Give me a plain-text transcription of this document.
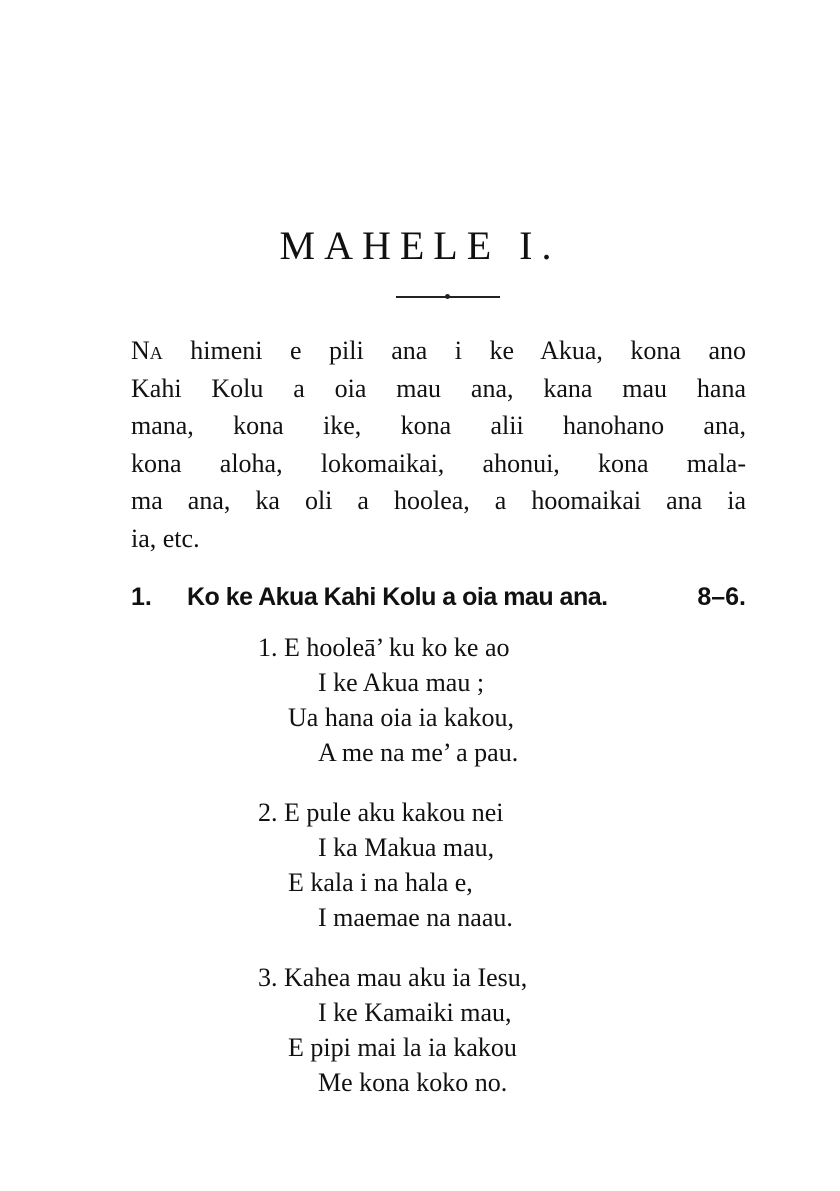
MAHELE I.
Na himeni e pili ana i ke Akua, kona ano
Kahi Kolu a oia mau ana, kana mau hana
mana, kona ike, kona alii hanohano ana,
kona aloha, lokomaikai, ahonui, kona mala-
ma ana, ka oli a hoolea, a hoomaikai ana ia
ia, etc.
1. Ko ke Akua Kahi Kolu a oia mau ana.	8–6.
1. E hooleā’ ku ko ke ao
I ke Akua mau ;
Ua hana oia ia kakou,
A me na me’ a pau.
2. E pule aku kakou nei
I ka Makua mau,
E kala i na hala e,
I maemae na naau.
3. Kahea mau aku ia Iesu,
I ke Kamaiki mau,
E pipi mai la ia kakou
Me kona koko no.
